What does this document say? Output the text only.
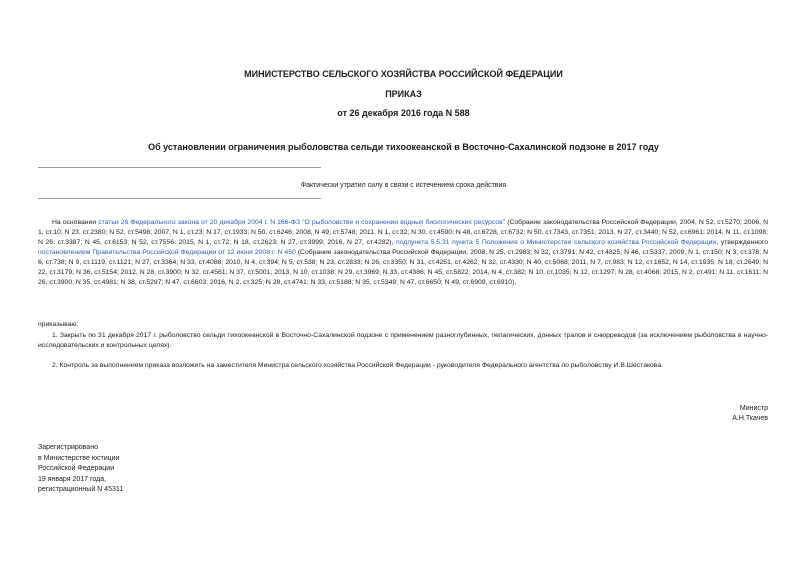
МИНИСТЕРСТВО СЕЛЬСКОГО ХОЗЯЙСТВА РОССИЙСКОЙ ФЕДЕРАЦИИ
ПРИКАЗ
от 26 декабря 2016 года N 588
Об установлении ограничения рыболовства сельди тихоокеанской в Восточно-Сахалинской подзоне в 2017 году
Фактически утратил силу в связи с истечением срока действия
На основании статьи 26 Федерального закона от 20 декабря 2004 г. N 166-ФЗ "О рыболовстве и сохранении водных биологических ресурсов" (Собрание законодательства Российской Федерации, 2004, N 52, ст.5270; 2006, N 1, ст.10; N 23, ст.2380; N 52, ст.5498; 2007, N 1, ст.23; N 17, ст.1933; N 50, ст.6246; 2008, N 49, ст.5748; 2011, N 1, ст.32; N 30, ст.4590; N 48, ст.6728, ст.6732; N 50, ст.7343, ст.7351; 2013, N 27, ст.3440; N 52, ст.6961; 2014, N 11, ст.1098; N 26, ст.3387; N 45, ст.6153; N 52, ст.7556; 2015, N 1, ст.72; N 18, ст.2623; N 27, ст.3999; 2016, N 27, ст.4282), подпункта 5.5.31 пункта 5 Положения о Министерстве сельского хозяйства Российской Федерации, утвержденного постановлением Правительства Российской Федерации от 12 июня 2008 г. N 450 (Собрание законодательства Российской Федерации, 2008, N 25, ст.2983; N 32, ст.3791; N 42, ст.4825; N 46, ст.5337; 2009, N 1, ст.150; N 3, ст.378; N 6, ст.738; N 9, ст.1119, ст.1121; N 27, ст.3364; N 33, ст.4088; 2010, N 4, ст.394; N 5, ст.538; N 23, ст.2833; N 26, ст.3350; N 31, ст.4251, ст.4262; N 32, ст.4330; N 40, ст.5068; 2011, N 7, ст.983; N 12, ст.1652; N 14, ст.1935; N 18, ст.2649; N 22, ст.3179; N 36, ст.5154; 2012, N 28, ст.3900; N 32, ст.4561; N 37, ст.5001; 2013, N 10, ст.1038; N 29, ст.3969; N 33, ст.4386; N 45, ст.5822; 2014, N 4, ст.382; N 10, ст.1035; N 12, ст.1297; N 28, ст.4068; 2015, N 2, ст.491; N 11, ст.1611; N 26, ст.3900; N 35, ст.4981; N 38, ст.5297; N 47, ст.6603; 2016, N 2, ст.325; N 28, ст.4741; N 33, ст.5188; N 35, ст.5349; N 47, ст.6650; N 49, ст.6909, ст.6910),
приказываю:
1. Закрыть по 31 декабря 2017 г. рыболовство сельди тихоокеанской в Восточно-Сахалинской подзоне с применением разноглубинных, пелагических, донных тралов и снюрреводов (за исключением рыболовства в научно-исследовательских и контрольных целях).
2. Контроль за выполнением приказа возложить на заместителя Министра сельского хозяйства Российской Федерации - руководителя Федерального агентства по рыболовству И.В.Шестакова.
Министр
А.Н.Ткачев
Зарегистрировано
в Министерстве юстиции
Российской Федерации
19 января 2017 года,
регистрационный N 45311
